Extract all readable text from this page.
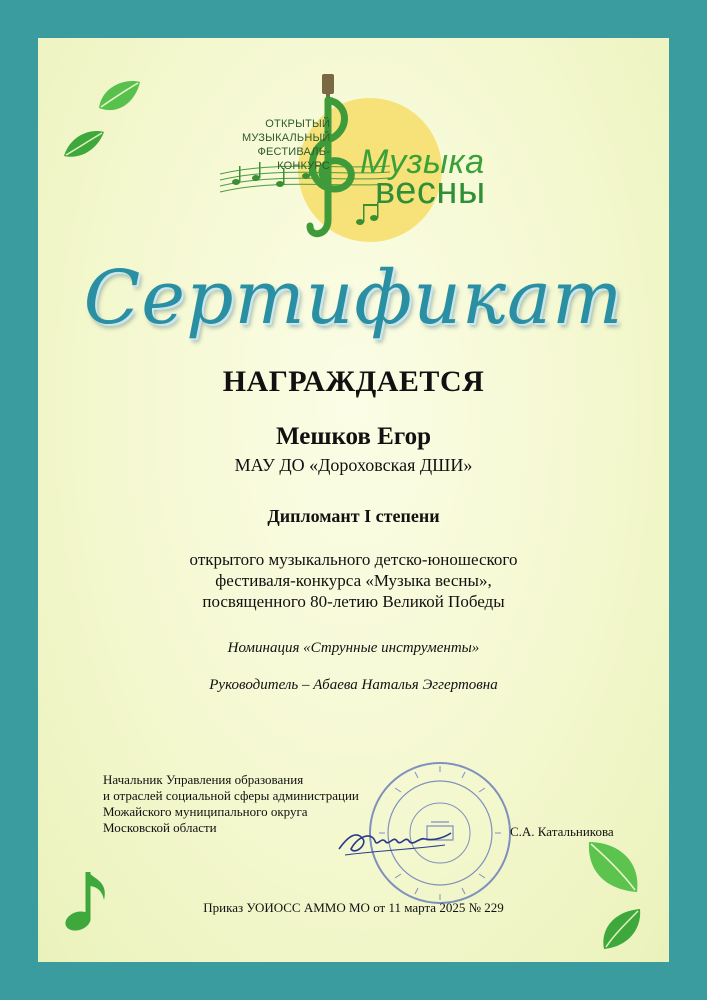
ОТКРЫТЫЙ
МУЗЫКАЛЬНЫЙ
ФЕСТИВАЛЬ-КОНКУРС Музыка
весны
Сертификат
НАГРАЖДАЕТСЯ
Мешков Егор
МАУ ДО «Дороховская ДШИ»
Дипломант I степени
открытого музыкального детско-юношеского
фестиваля-конкурса «Музыка весны»,
посвященного 80-летию Великой Победы
Номинация «Струнные инструменты»
Руководитель – Абаева Наталья Эггертовна
Начальник Управления образования
и отраслей социальной сферы администрации
Можайского муниципального округа
Московской области	С.А. Катальникова
Приказ УОИОСС АММО МО от 11 марта 2025 № 229
